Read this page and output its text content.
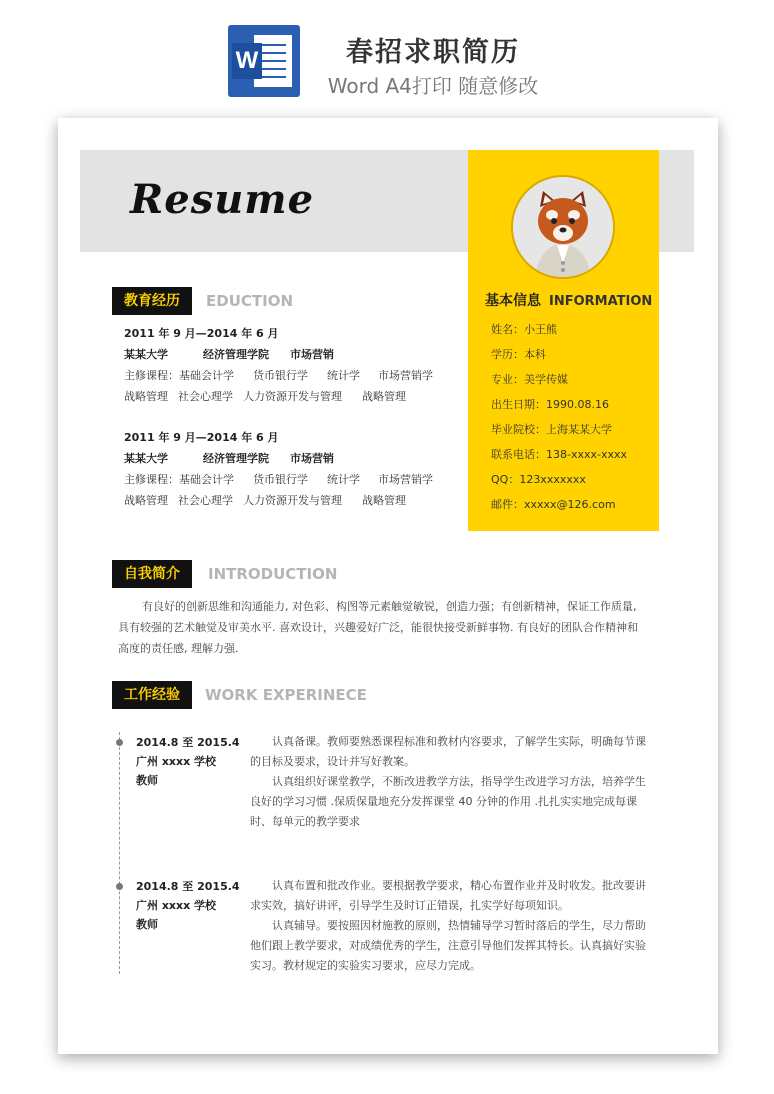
W	春招求职简历
Word A4打印 随意修改
Resume
基本信息 INFORMATION
姓名：小王熊
学历：本科
专业：美学传媒
出生日期：1990.08.16
毕业院校：上海某某大学
联系电话：138-xxxx-xxxx
QQ：123xxxxxxx
邮件：xxxxx@126.com
教育经历	EDUCTION
2011 年 9 月—2014 年 6 月
某某大学	经济管理学院 市场营销
主修课程：基础会计学 货币银行学 统计学 市场营销学
战略管理 社会心理学 人力资源开发与管理 战略管理
2011 年 9 月—2014 年 6 月
某某大学	经济管理学院 市场营销
主修课程：基础会计学 货币银行学 统计学 市场营销学
战略管理 社会心理学 人力资源开发与管理 战略管理
自我简介	INTRODUCTION
有良好的创新思维和沟通能力, 对色彩、构图等元素触觉敏锐，创造力强；有创新精神，保证工作质量, 具有较强的艺术触觉及审美水平. 喜欢设计，兴趣爱好广泛，能很快接受新鲜事物. 有良好的团队合作精神和高度的责任感, 理解力强.
工作经验	WORK EXPERINECE
2014.8 至 2015.4
广州 xxxx 学校
教师

认真备课。教师要熟悉课程标准和教材内容要求，了解学生实际，明确每节课的目标及要求，设计并写好教案。

认真组织好课堂教学，不断改进教学方法，指导学生改进学习方法，培养学生良好的学习习惯 .保质保量地充分发挥课堂 40 分钟的作用 .扎扎实实地完成每课时、每单元的教学要求

2014.8 至 2015.4
广州 xxxx 学校
教师

认真布置和批改作业。要根据教学要求，精心布置作业并及时收发。批改要讲求实效，搞好讲评，引导学生及时订正错误，扎实学好每项知识。

认真辅导。要按照因材施教的原则，热情辅导学习暂时落后的学生，尽力帮助他们跟上教学要求，对成绩优秀的学生，注意引导他们发挥其特长。认真搞好实验实习。教材规定的实验实习要求，应尽力完成。
